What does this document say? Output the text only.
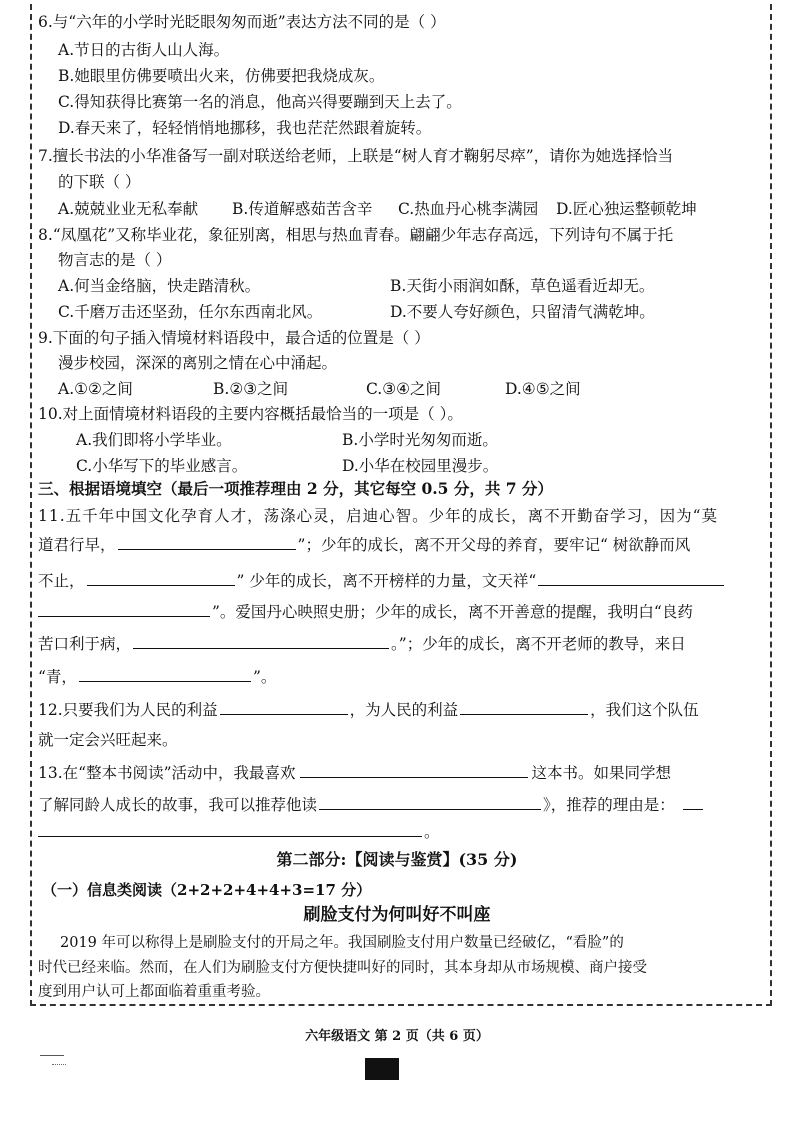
6.与“六年的小学时光眨眼匆匆而逝”表达方法不同的是（ ）
A.节日的古街人山人海。
B.她眼里仿佛要喷出火来，仿佛要把我烧成灰。
C.得知获得比赛第一名的消息，他高兴得要蹦到天上去了。
D.春天来了，轻轻悄悄地挪移，我也茫茫然跟着旋转。
7.擅长书法的小华准备写一副对联送给老师，上联是“树人育才鞠躬尽瘁”，请你为她选择恰当
的下联（ ）
A.兢兢业业无私奉献 B.传道解惑茹苦含辛 C.热血丹心桃李满园 D.匠心独运整顿乾坤
8.“凤凰花”又称毕业花，象征别离，相思与热血青春。翩翩少年志存高远，下列诗句不属于托
物言志的是（ ）
A.何当金络脑，快走踏清秋。	B.天街小雨润如酥，草色遥看近却无。
C.千磨万击还坚劲，任尔东西南北风。	D.不要人夸好颜色，只留清气满乾坤。
9.下面的句子插入情境材料语段中，最合适的位置是（ ）
漫步校园，深深的离别之情在心中涌起。
A.①②之间	B.②③之间	C.③④之间	D.④⑤之间
10.对上面情境材料语段的主要内容概括最恰当的一项是（ ）。
A.我们即将小学毕业。	B.小学时光匆匆而逝。
C.小华写下的毕业感言。	D.小华在校园里漫步。
三、根据语境填空（最后一项推荐理由 2 分，其它每空 0.5 分，共 7 分）
11.五千年中国文化孕育人才，荡涤心灵，启迪心智。少年的成长，离不开勤奋学习，因为“莫
道君行早，	”；少年的成长，离不开父母的养育，要牢记“ 树欲静而风
不止，	” 少年的成长，离不开榜样的力量，文天祥“
”。爱国丹心映照史册；少年的成长，离不开善意的提醒，我明白“良药
苦口利于病，	。”；少年的成长，离不开老师的教导，来日
“青，	”。
12.只要我们为人民的利益	，为人民的利益	，我们这个队伍
就一定会兴旺起来。
13.在“整本书阅读”活动中，我最喜欢	这本书。如果同学想
了解同龄人成长的故事，我可以推荐他读	》，推荐的理由是：
。
第二部分:【阅读与鉴赏】(35 分)
（一）信息类阅读（2+2+2+4+4+3=17 分）
刷脸支付为何叫好不叫座
2019 年可以称得上是刷脸支付的开局之年。我国刷脸支付用户数量已经破亿，“看脸”的
时代已经来临。然而，在人们为刷脸支付方便快捷叫好的同时，其本身却从市场规模、商户接受
度到用户认可上都面临着重重考验。
六年级语文 第 2 页（共 6 页）
